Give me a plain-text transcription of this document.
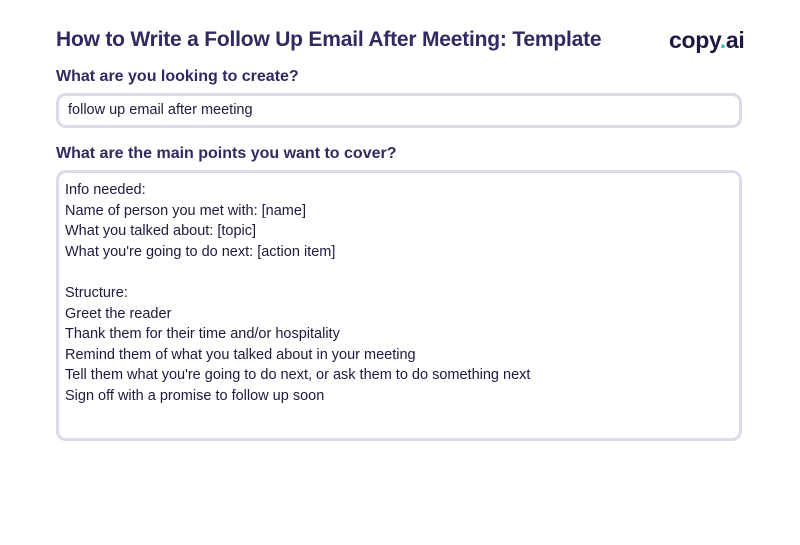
How to Write a Follow Up Email After Meeting: Template	copy.ai
What are you looking to create?
follow up email after meeting
What are the main points you want to cover?
Info needed:
Name of person you met with: [name]
What you talked about: [topic]
What you're going to do next: [action item]
Structure:
Greet the reader
Thank them for their time and/or hospitality
Remind them of what you talked about in your meeting
Tell them what you're going to do next, or ask them to do something next
Sign off with a promise to follow up soon
